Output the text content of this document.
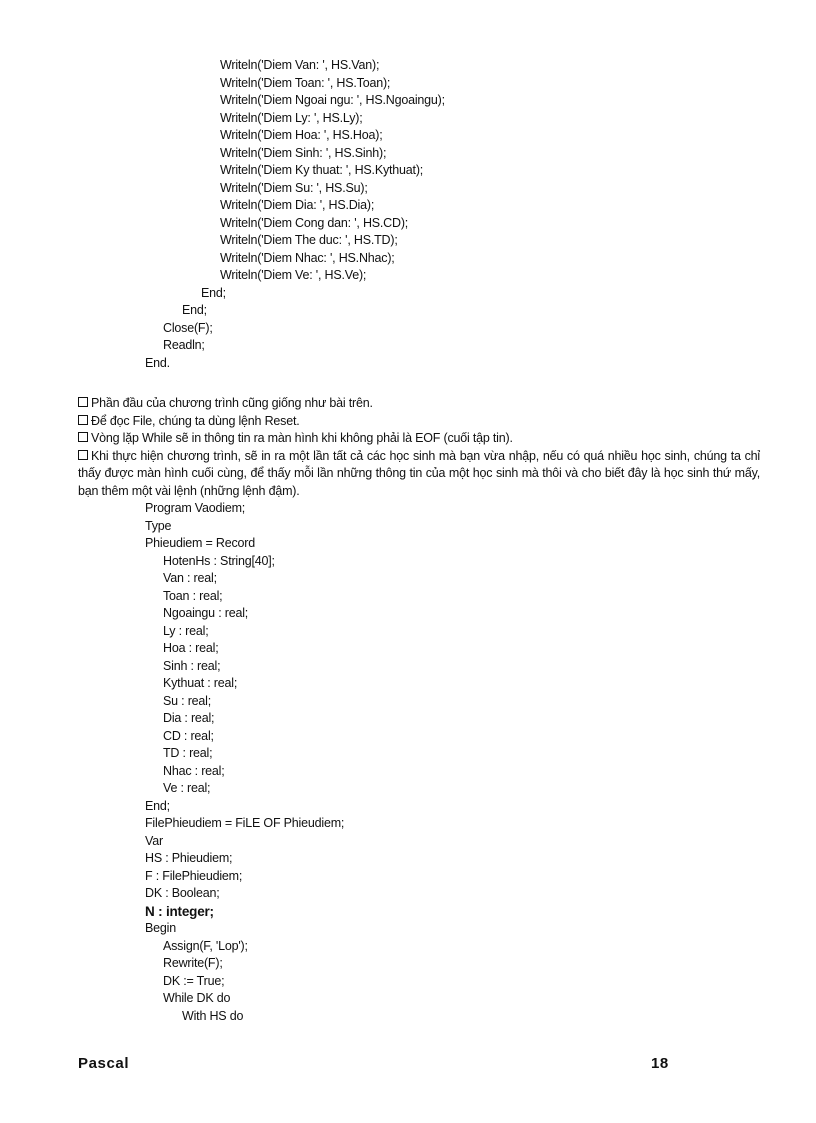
Writeln('Diem Van: ', HS.Van);
Writeln('Diem Toan: ', HS.Toan);
Writeln('Diem Ngoai ngu: ', HS.Ngoaingu);
Writeln('Diem Ly: ', HS.Ly);
Writeln('Diem Hoa: ', HS.Hoa);
Writeln('Diem Sinh: ', HS.Sinh);
Writeln('Diem Ky thuat: ', HS.Kythuat);
Writeln('Diem Su: ', HS.Su);
Writeln('Diem Dia: ', HS.Dia);
Writeln('Diem Cong dan: ', HS.CD);
Writeln('Diem The duc: ', HS.TD);
Writeln('Diem Nhac: ', HS.Nhac);
Writeln('Diem Ve: ', HS.Ve);
End;
End;
Close(F);
Readln;
End.
Phần đầu của chương trình cũng giống như bài trên.
Để đọc File, chúng ta dùng lệnh Reset.
Vòng lặp While sẽ in thông tin ra màn hình khi không phải là EOF (cuối tập tin).
Khi thực hiện chương trình, sẽ in ra một lần tất cả các học sinh mà bạn vừa nhập, nếu có quá nhiều học sinh, chúng ta chỉ thấy được màn hình cuối cùng, để thấy mỗi lần những thông tin của một học sinh mà thôi và cho biết đây là học sinh thứ mấy, bạn thêm một vài lệnh (những lệnh đậm).
Program Vaodiem;
Type
Phieudiem = Record
HotenHs : String[40];
Van : real;
Toan : real;
Ngoaingu : real;
Ly : real;
Hoa : real;
Sinh : real;
Kythuat : real;
Su : real;
Dia : real;
CD : real;
TD : real;
Nhac : real;
Ve : real;
End;
FilePhieudiem = FiLE OF Phieudiem;
Var
HS : Phieudiem;
F : FilePhieudiem;
DK : Boolean;
N : integer;
Begin
Assign(F, 'Lop');
Rewrite(F);
DK := True;
While DK do
With HS do
Pascal	18
